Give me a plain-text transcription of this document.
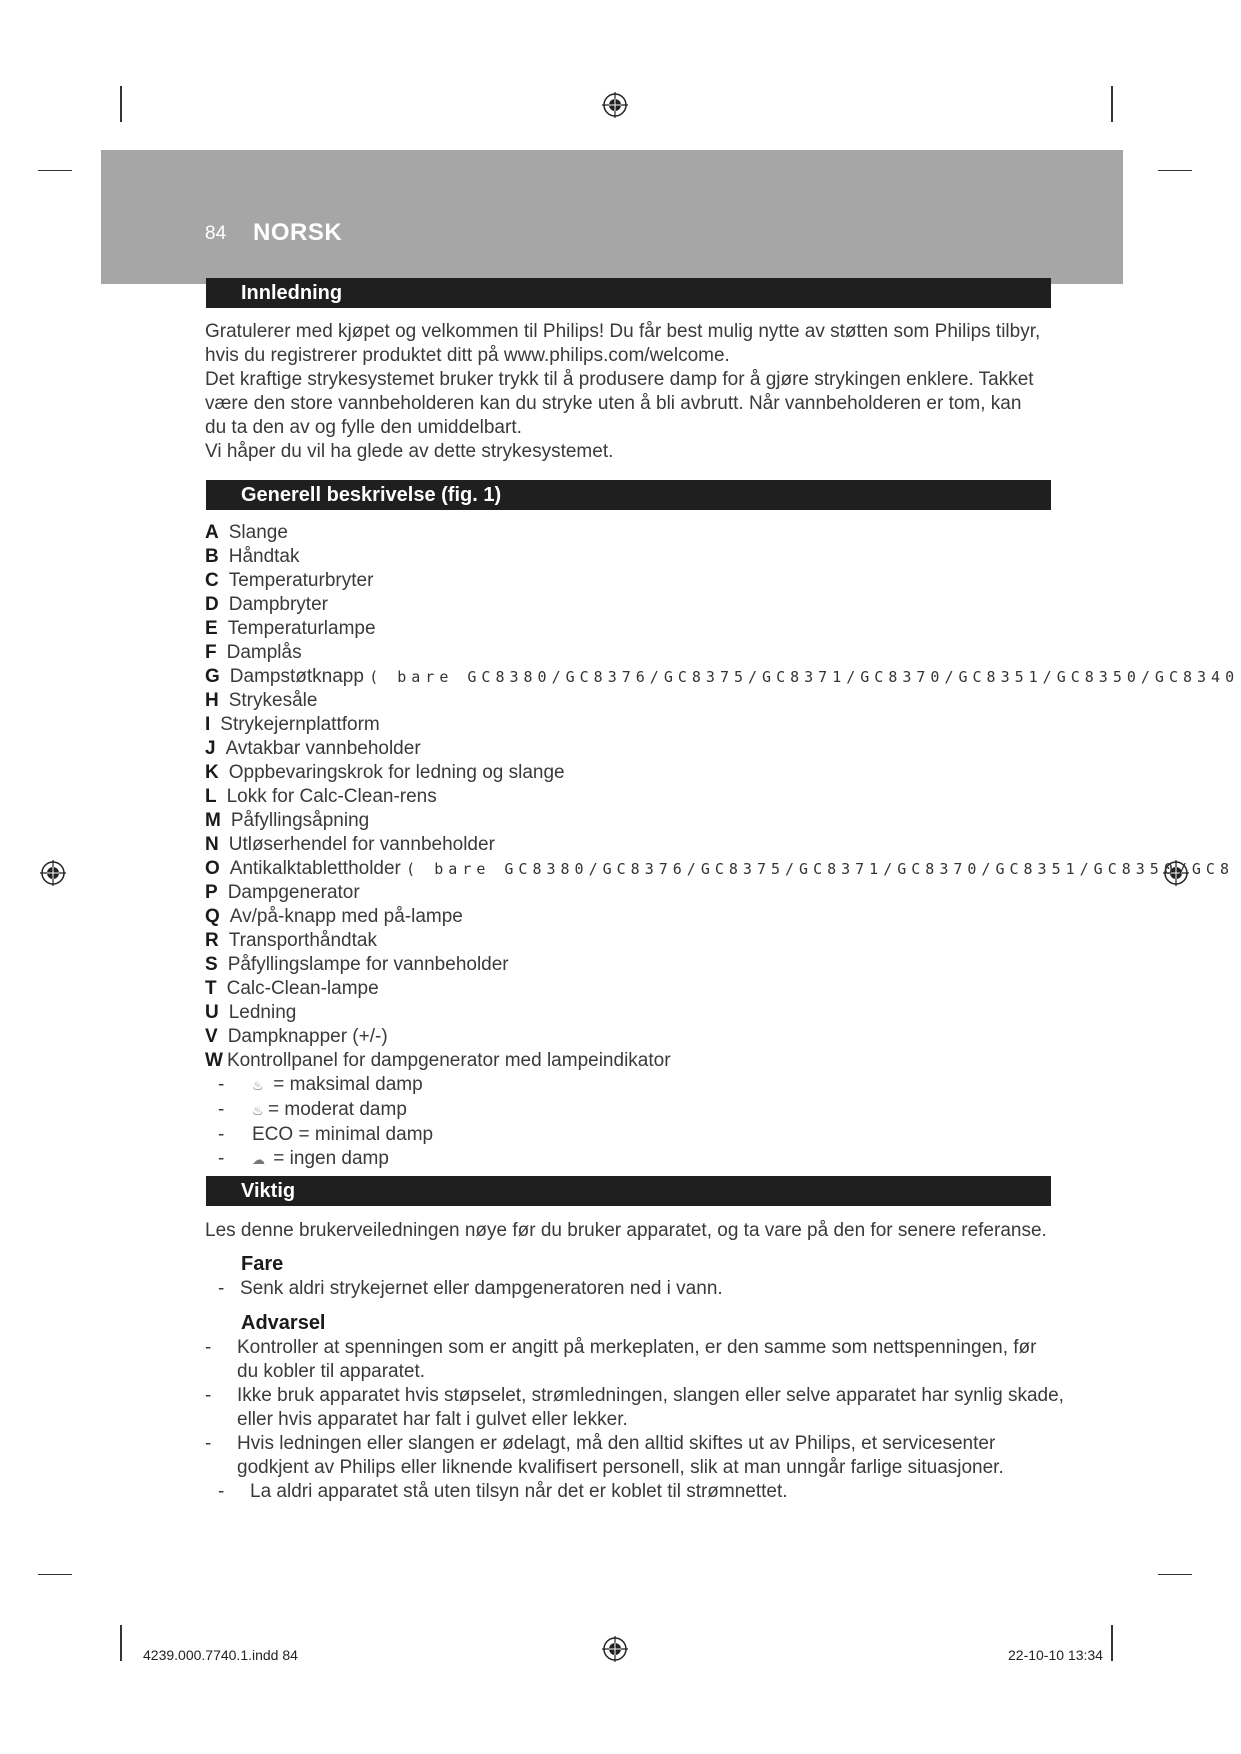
84 NORSK
Innledning

Gratulerer med kjøpet og velkommen til Philips! Du får best mulig nytte av støtten som Philips tilbyr,

hvis du registrerer produktet ditt på www.philips.com/welcome.

Det kraftige strykesystemet bruker trykk til å produsere damp for å gjøre strykingen enklere. Takket

være den store vannbeholderen kan du stryke uten å bli avbrutt. Når vannbeholderen er tom, kan

du ta den av og fylle den umiddelbart.

Vi håper du vil ha glede av dette strykesystemet.

Generell beskrivelse (fig. 1)
A Slange
B Håndtak
C Temperaturbryter
D Dampbryter
E Temperaturlampe
F Damplås
G Dampstøtknapp ( bare GC8380/GC8376/GC8375/GC8371/GC8370/GC8351/GC8350/GC8340
H Strykesåle
I Strykejernplattform
J Avtakbar vannbeholder
K Oppbevaringskrok for ledning og slange
L Lokk for Calc-Clean-rens
M Påfyllingsåpning
N Utløserhendel for vannbeholder
O Antikalktablettholder ( bare GC8380/GC8376/GC8375/GC8371/GC8370/GC8351/GC8350/GC8
P Dampgenerator
Q Av/på-knapp med på-lampe
R Transporthåndtak
S Påfyllingslampe for vannbeholder
T Calc-Clean-lampe
U Ledning
V Dampknapper (+/-)
W Kontrollpanel for dampgenerator med lampeindikator
- ♨ = maksimal damp
- ♨ = moderat damp
- ECO = minimal damp
- ☁ = ingen damp
Viktig
Les denne brukerveiledningen nøye før du bruker apparatet, og ta vare på den for senere referanse.
Fare
- Senk aldri strykejernet eller dampgeneratoren ned i vann.
Advarsel
-	Kontroller at spenningen som er angitt på merkeplaten, er den samme som nettspenningen, før
du kobler til apparatet.
-	Ikke bruk apparatet hvis støpselet, strømledningen, slangen eller selve apparatet har synlig skade,
eller hvis apparatet har falt i gulvet eller lekker.
-	Hvis ledningen eller slangen er ødelagt, må den alltid skiftes ut av Philips, et servicesenter
godkjent av Philips eller liknende kvalifisert personell, slik at man unngår farlige situasjoner.
-	La aldri apparatet stå uten tilsyn når det er koblet til strømnettet.
4239.000.7740.1.indd 84	22-10-10 13:34
